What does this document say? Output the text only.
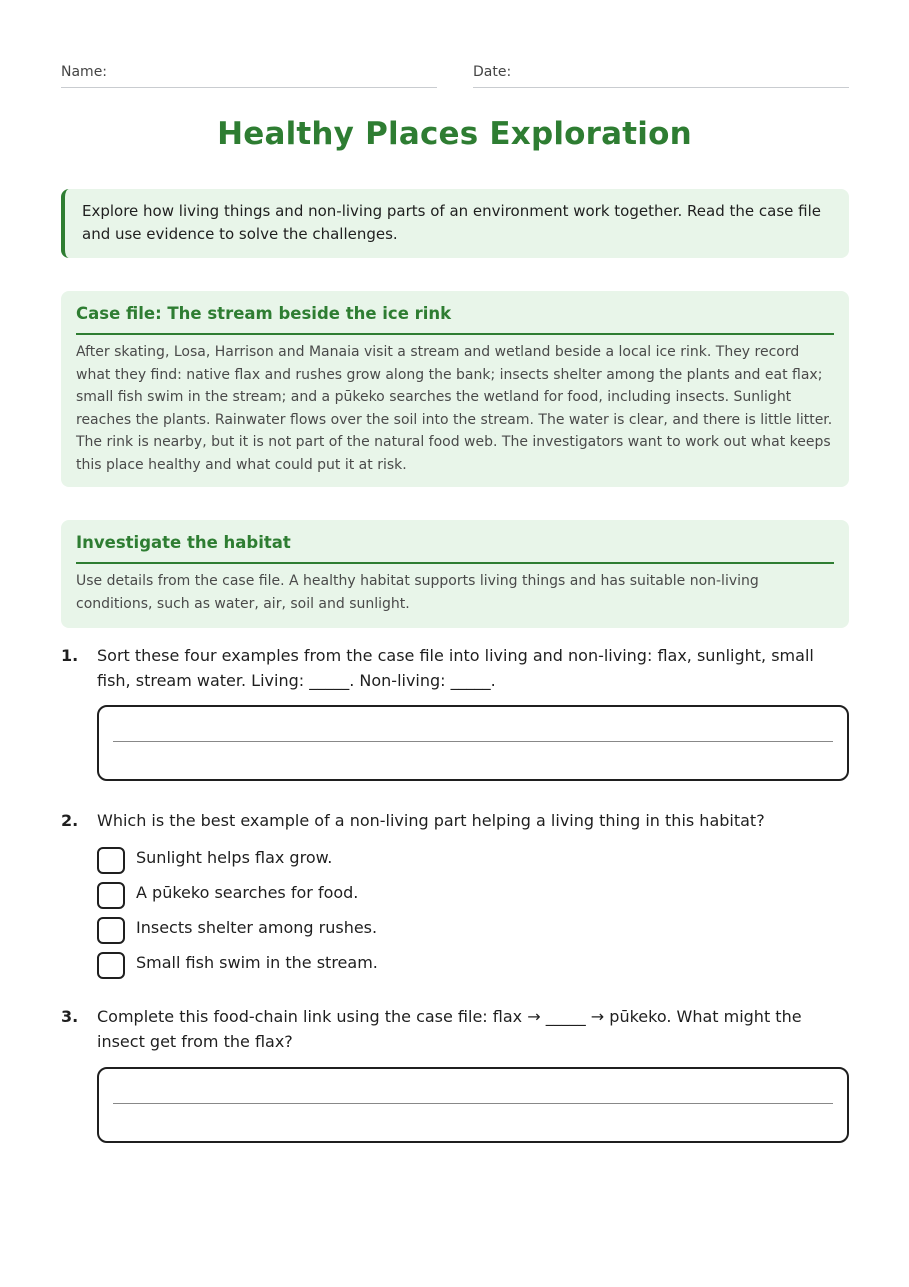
Name:	Date:
Healthy Places Exploration

Explore how living things and non-living parts of an environment work together. Read the case file and use evidence to solve the challenges.

Case file: The stream beside the ice rink

After skating, Losa, Harrison and Manaia visit a stream and wetland beside a local ice rink. They record what they find: native flax and rushes grow along the bank; insects shelter among the plants and eat flax; small fish swim in the stream; and a pūkeko searches the wetland for food, including insects. Sunlight reaches the plants. Rainwater flows over the soil into the stream. The water is clear, and there is little litter. The rink is nearby, but it is not part of the natural food web. The investigators want to work out what keeps this place healthy and what could put it at risk.

Investigate the habitat

Use details from the case file. A healthy habitat supports living things and has suitable non-living conditions, such as water, air, soil and sunlight.

1. Sort these four examples from the case file into living and non-living: flax, sunlight, small fish, stream water. Living: _____. Non-living: _____.
2. Which is the best example of a non-living part helping a living thing in this habitat?
Sunlight helps flax grow.
A pūkeko searches for food.
Insects shelter among rushes.
Small fish swim in the stream.
3. Complete this food-chain link using the case file: flax → _____ → pūkeko. What might the insect get from the flax?
